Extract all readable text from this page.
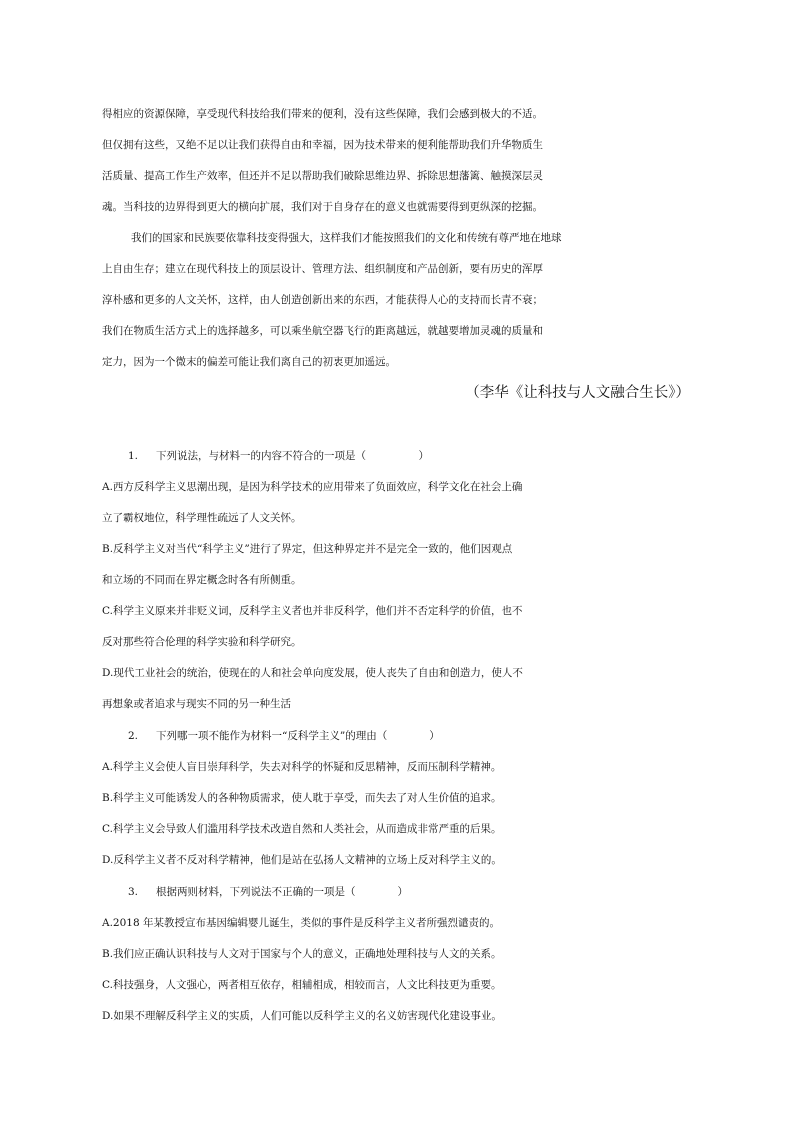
得相应的资源保障，享受现代科技给我们带来的便利，没有这些保障，我们会感到极大的不适。
但仅拥有这些，又绝不足以让我们获得自由和幸福，因为技术带来的便利能帮助我们升华物质生
活质量、提高工作生产效率，但还并不足以帮助我们破除思维边界、拆除思想藩篱、触摸深层灵
魂。当科技的边界得到更大的横向扩展，我们对于自身存在的意义也就需要得到更纵深的挖掘。
我们的国家和民族要依靠科技变得强大，这样我们才能按照我们的文化和传统有尊严地在地球
上自由生存；建立在现代科技上的顶层设计、管理方法、组织制度和产品创新，要有历史的浑厚
淳朴感和更多的人文关怀，这样，由人创造创新出来的东西，才能获得人心的支持而长青不衰；
我们在物质生活方式上的选择越多，可以乘坐航空器飞行的距离越远，就越要增加灵魂的质量和
定力，因为一个微末的偏差可能让我们离自己的初衷更加遥远。
（李华《让科技与人文融合生长》）
1. 下列说法，与材料一的内容不符合的一项是（　　　　　）
A.西方反科学主义思潮出现，是因为科学技术的应用带来了负面效应，科学文化在社会上确
立了霸权地位，科学理性疏远了人文关怀。
B.反科学主义对当代“科学主义”进行了界定，但这种界定并不是完全一致的，他们因观点
和立场的不同而在界定概念时各有所侧重。
C.科学主义原来并非贬义词，反科学主义者也并非反科学，他们并不否定科学的价值，也不
反对那些符合伦理的科学实验和科学研究。
D.现代工业社会的统治，使现在的人和社会单向度发展，使人丧失了自由和创造力，使人不
再想象或者追求与现实不同的另一种生活
2. 下列哪一项不能作为材料一“反科学主义”的理由（　　　　）
A.科学主义会使人盲目崇拜科学，失去对科学的怀疑和反思精神，反而压制科学精神。
B.科学主义可能诱发人的各种物质需求，使人耽于享受，而失去了对人生价值的追求。
C.科学主义会导致人们滥用科学技术改造自然和人类社会，从而造成非常严重的后果。
D.反科学主义者不反对科学精神，他们是站在弘扬人文精神的立场上反对科学主义的。
3. 根据两则材料，下列说法不正确的一项是（　　　　）
A.2018 年某教授宣布基因编辑婴儿诞生，类似的事件是反科学主义者所强烈谴责的。
B.我们应正确认识科技与人文对于国家与个人的意义，正确地处理科技与人文的关系。
C.科技强身，人文强心，两者相互依存，相辅相成，相较而言，人文比科技更为重要。
D.如果不理解反科学主义的实质，人们可能以反科学主义的名义妨害现代化建设事业。
